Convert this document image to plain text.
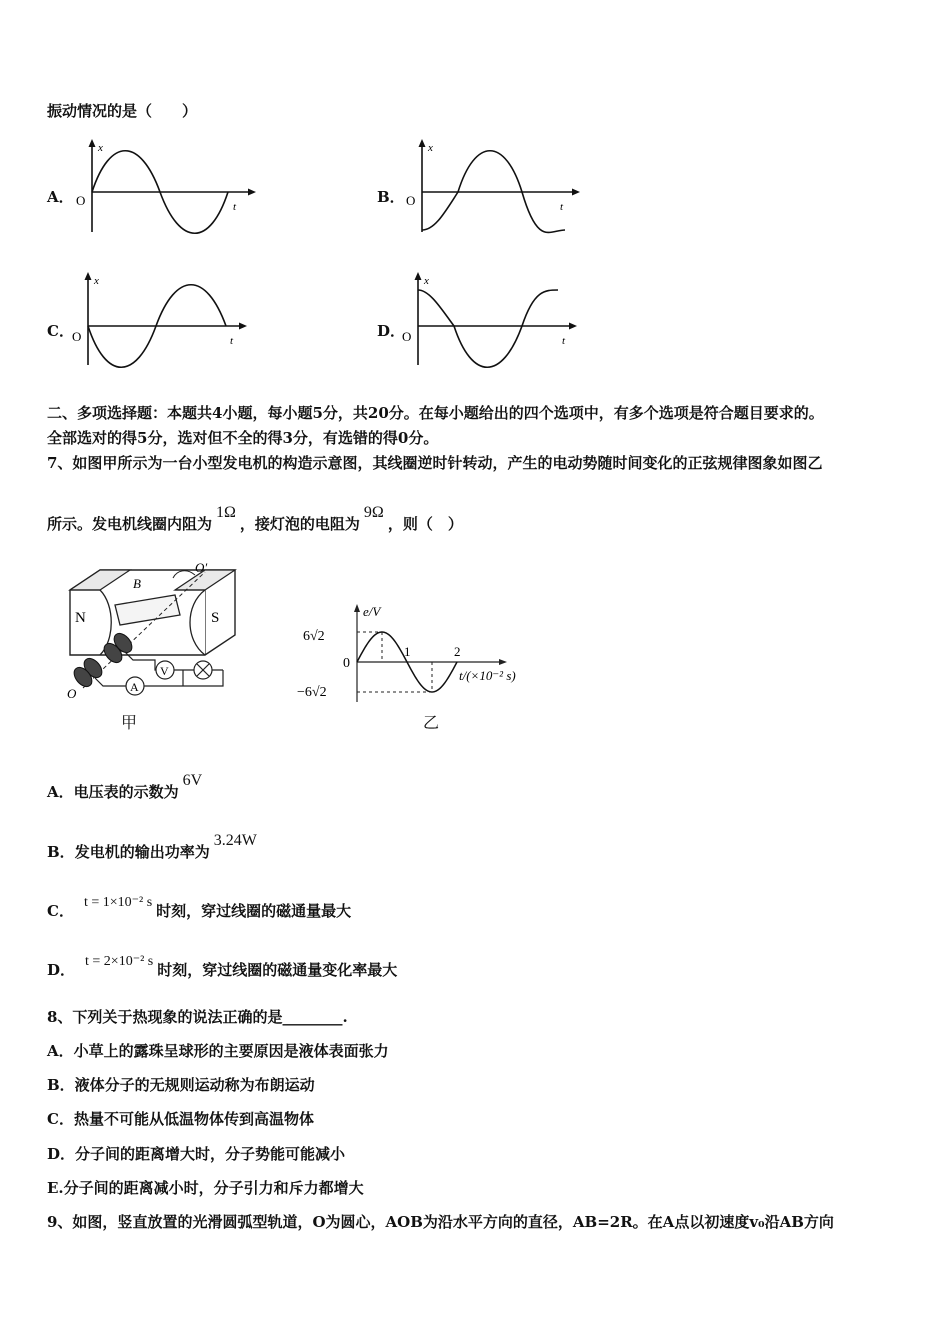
振动情况的是（　　）
A．
x
O	t
B．
x
O	t
C．
x
O	t
D．
x
O	t
二、多项选择题：本题共4小题，每小题5分，共20分。在每小题给出的四个选项中，有多个选项是符合题目要求的。
全部选对的得5分，选对但不全的得3分，有选错的得0分。
7、如图甲所示为一台小型发电机的构造示意图，其线圈逆时针转动，产生的电动势随时间变化的正弦规律图象如图乙
所示。发电机线圈内阻为1Ω，接灯泡的电阻为9Ω，则（　）
N	S
B
O′
O
V
A
甲
e/V
6√2
0
−6√2
1	2
t/(×10⁻² s)
乙
A．电压表的示数为6V
B．发电机的输出功率为3.24W
C． t = 1×10⁻² s 时刻，穿过线圈的磁通量最大
D． t = 2×10⁻² s 时刻，穿过线圈的磁通量变化率最大
8、下列关于热现象的说法正确的是________.
A．小草上的露珠呈球形的主要原因是液体表面张力
B．液体分子的无规则运动称为布朗运动
C．热量不可能从低温物体传到高温物体
D．分子间的距离增大时，分子势能可能减小
E.分子间的距离减小时，分子引力和斥力都增大
9、如图，竖直放置的光滑圆弧型轨道，O为圆心，AOB为沿水平方向的直径，AB=2R。在A点以初速度v₀沿AB方向
